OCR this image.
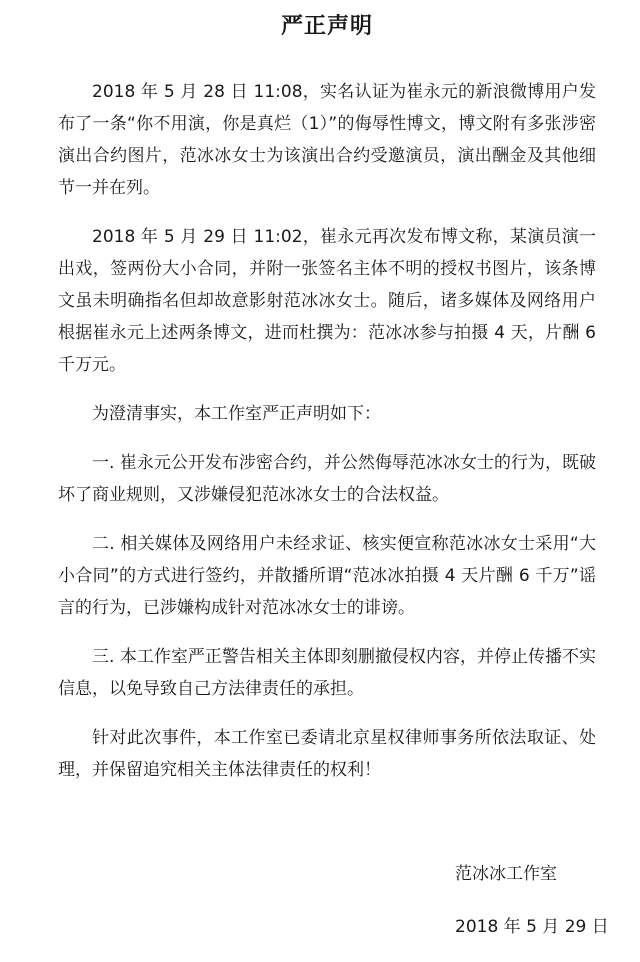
严正声明

2018 年 5 月 28 日 11:08，实名认证为崔永元的新浪微博用户发布了一条“你不用演，你是真烂（1）”的侮辱性博文，博文附有多张涉密演出合约图片，范冰冰女士为该演出合约受邀演员，演出酬金及其他细节一并在列。

2018 年 5 月 29 日 11:02，崔永元再次发布博文称，某演员演一出戏，签两份大小合同，并附一张签名主体不明的授权书图片，该条博文虽未明确指名但却故意影射范冰冰女士。随后，诸多媒体及网络用户根据崔永元上述两条博文，进而杜撰为：范冰冰参与拍摄 4 天，片酬 6 千万元。

为澄清事实，本工作室严正声明如下：

一. 崔永元公开发布涉密合约，并公然侮辱范冰冰女士的行为，既破坏了商业规则，又涉嫌侵犯范冰冰女士的合法权益。

二. 相关媒体及网络用户未经求证、核实便宣称范冰冰女士采用“大小合同”的方式进行签约，并散播所谓“范冰冰拍摄 4 天片酬 6 千万”谣言的行为，已涉嫌构成针对范冰冰女士的诽谤。

三. 本工作室严正警告相关主体即刻删撤侵权内容，并停止传播不实信息，以免导致自己方法律责任的承担。

针对此次事件，本工作室已委请北京星权律师事务所依法取证、处理，并保留追究相关主体法律责任的权利！

范冰冰工作室
2018 年 5 月 29 日
